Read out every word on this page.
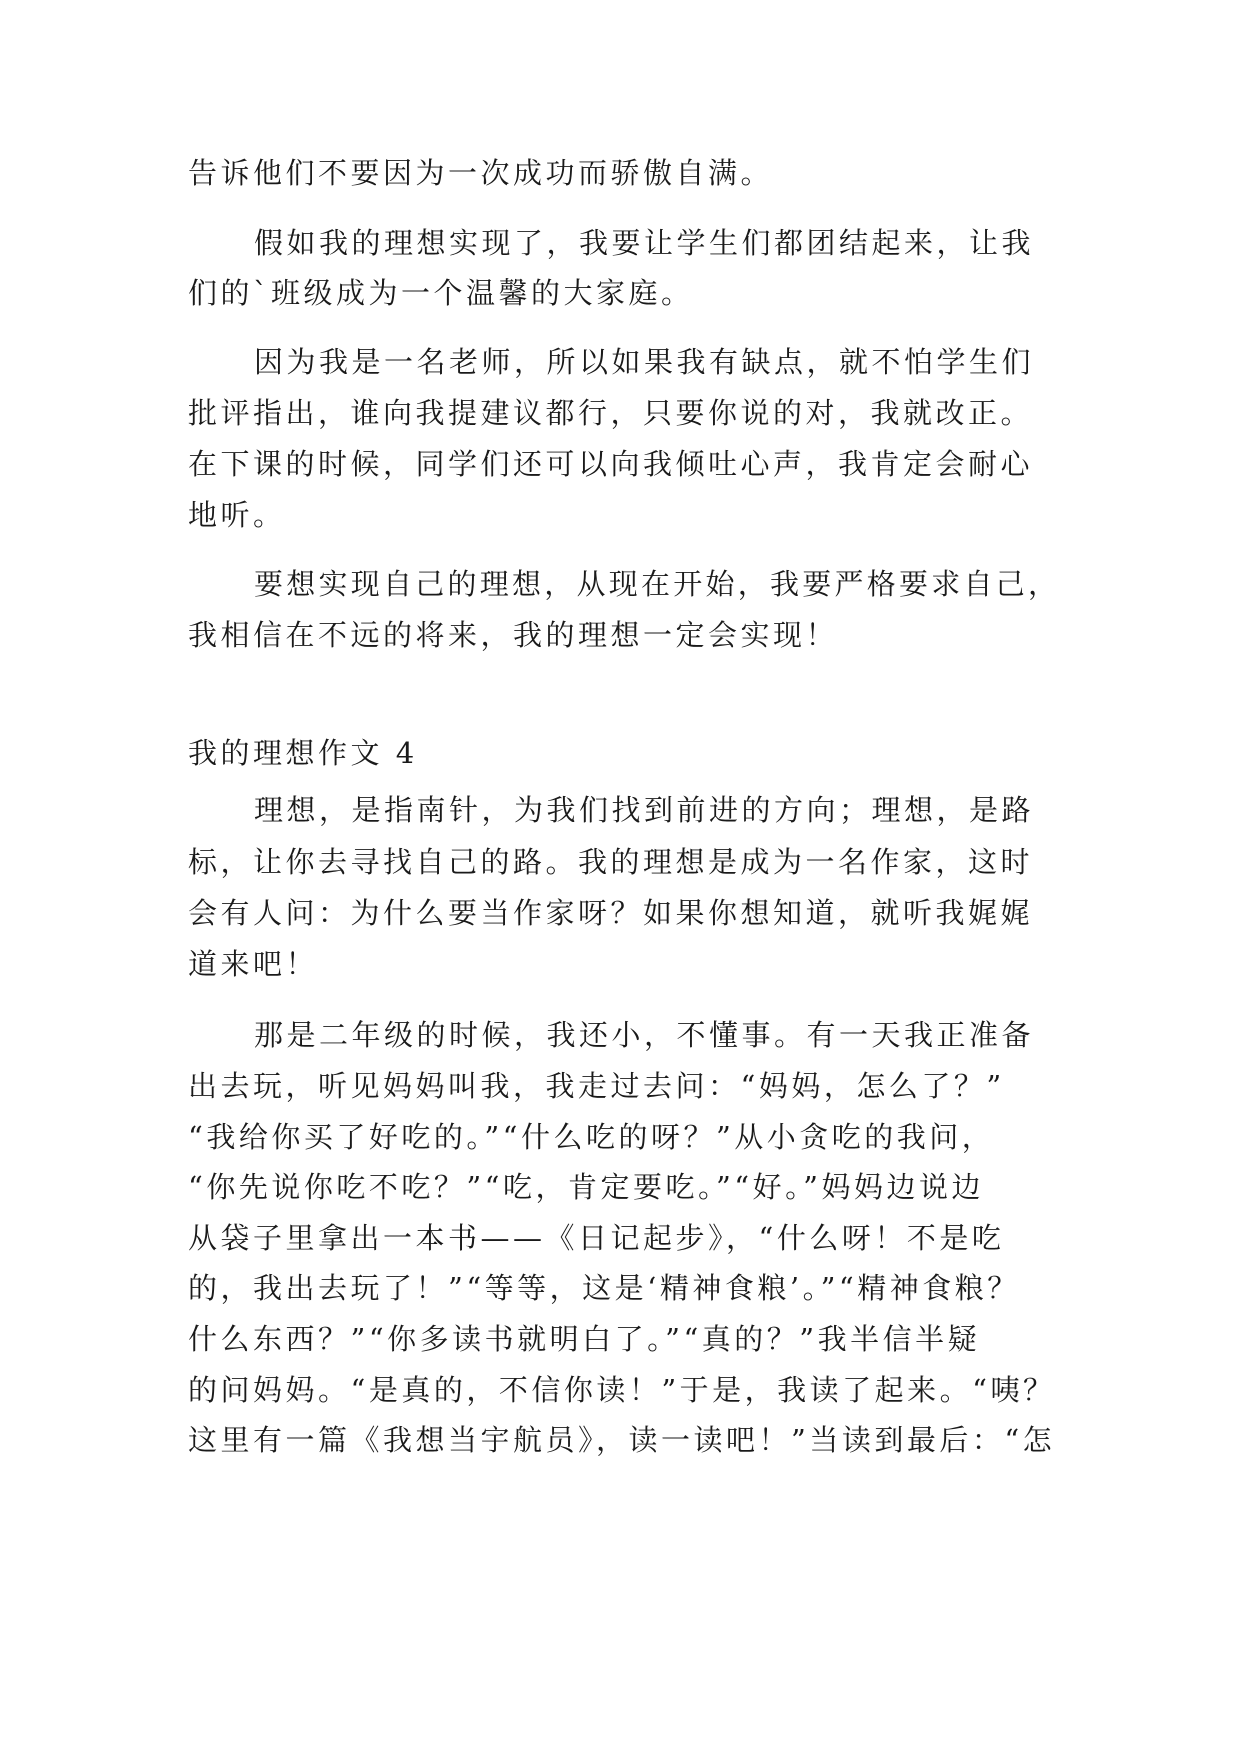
告诉他们不要因为一次成功而骄傲自满。
假如我的理想实现了，我要让学生们都团结起来，让我
们的`班级成为一个温馨的大家庭。
因为我是一名老师，所以如果我有缺点，就不怕学生们
批评指出，谁向我提建议都行，只要你说的对，我就改正。
在下课的时候，同学们还可以向我倾吐心声，我肯定会耐心
地听。
要想实现自己的理想，从现在开始，我要严格要求自己，
我相信在不远的将来，我的理想一定会实现！
我的理想作文 4
理想，是指南针，为我们找到前进的方向；理想，是路
标，让你去寻找自己的路。我的理想是成为一名作家，这时
会有人问：为什么要当作家呀？如果你想知道，就听我娓娓
道来吧！
那是二年级的时候，我还小，不懂事。有一天我正准备
出去玩，听见妈妈叫我，我走过去问：“妈妈，怎么了？”
“我给你买了好吃的。”“什么吃的呀？”从小贪吃的我问，
“你先说你吃不吃？”“吃，肯定要吃。”“好。”妈妈边说边
从袋子里拿出一本书——《日记起步》，“什么呀！不是吃
的，我出去玩了！”“等等，这是‘精神食粮’。”“精神食粮？
什么东西？”“你多读书就明白了。”“真的？”我半信半疑
的问妈妈。“是真的，不信你读！”于是，我读了起来。“咦？
这里有一篇《我想当宇航员》，读一读吧！”当读到最后：“怎
